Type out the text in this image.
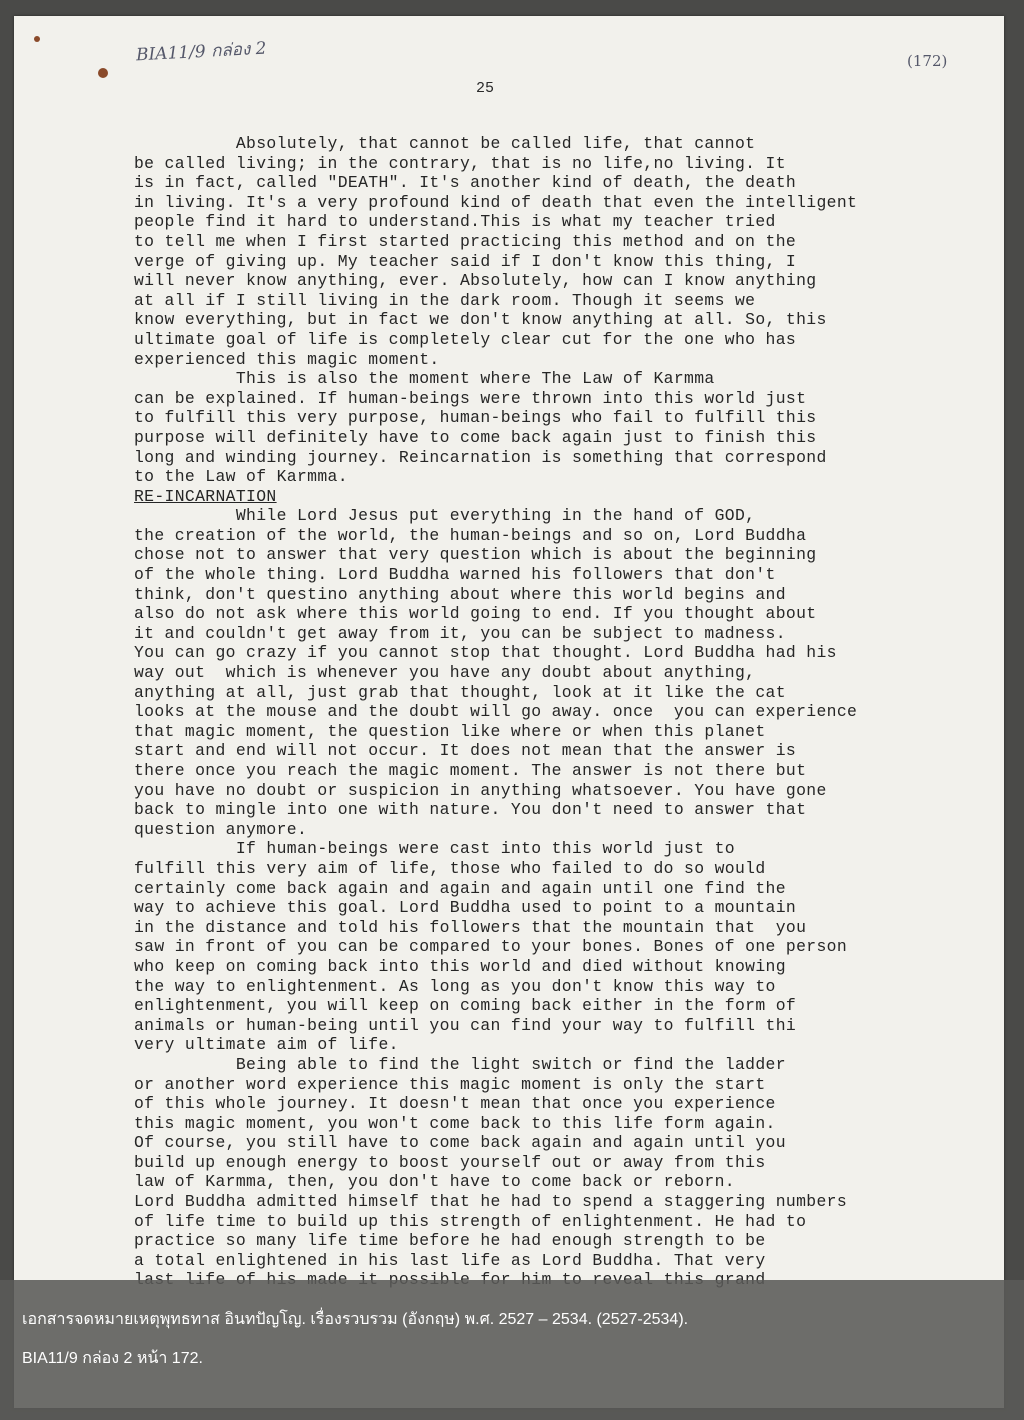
BIA11/9 กล่อง 2	(172)
25
Absolutely, that cannot be called life, that cannot
be called living; in the contrary, that is no life,no living. It
is in fact, called "DEATH". It's another kind of death, the death
in living. It's a very profound kind of death that even the intelligent
people find it hard to understand.This is what my teacher tried
to tell me when I first started practicing this method and on the
verge of giving up. My teacher said if I don't know this thing, I
will never know anything, ever. Absolutely, how can I know anything
at all if I still living in the dark room. Though it seems we
know everything, but in fact we don't know anything at all. So, this
ultimate goal of life is completely clear cut for the one who has
experienced this magic moment.
This is also the moment where The Law of Karmma
can be explained. If human-beings were thrown into this world just
to fulfill this very purpose, human-beings who fail to fulfill this
purpose will definitely have to come back again just to finish this
long and winding journey. Reincarnation is something that correspond
to the Law of Karmma.
RE-INCARNATION
While Lord Jesus put everything in the hand of GOD,
the creation of the world, the human-beings and so on, Lord Buddha
chose not to answer that very question which is about the beginning
of the whole thing. Lord Buddha warned his followers that don't
think, don't questino anything about where this world begins and
also do not ask where this world going to end. If you thought about
it and couldn't get away from it, you can be subject to madness.
You can go crazy if you cannot stop that thought. Lord Buddha had his
way out  which is whenever you have any doubt about anything,
anything at all, just grab that thought, look at it like the cat
looks at the mouse and the doubt will go away. once  you can experience
that magic moment, the question like where or when this planet
start and end will not occur. It does not mean that the answer is
there once you reach the magic moment. The answer is not there but
you have no doubt or suspicion in anything whatsoever. You have gone
back to mingle into one with nature. You don't need to answer that
question anymore.
If human-beings were cast into this world just to
fulfill this very aim of life, those who failed to do so would
certainly come back again and again and again until one find the
way to achieve this goal. Lord Buddha used to point to a mountain
in the distance and told his followers that the mountain that  you
saw in front of you can be compared to your bones. Bones of one person
who keep on coming back into this world and died without knowing
the way to enlightenment. As long as you don't know this way to
enlightenment, you will keep on coming back either in the form of
animals or human-being until you can find your way to fulfill thi
very ultimate aim of life.
Being able to find the light switch or find the ladder
or another word experience this magic moment is only the start
of this whole journey. It doesn't mean that once you experience
this magic moment, you won't come back to this life form again.
Of course, you still have to come back again and again until you
build up enough energy to boost yourself out or away from this
law of Karmma, then, you don't have to come back or reborn.
Lord Buddha admitted himself that he had to spend a staggering numbers
of life time to build up this strength of enlightenment. He had to
practice so many life time before he had enough strength to be
a total enlightened in his last life as Lord Buddha. That very
เอกสารจดหมายเหตุพุทธทาส อินทปัญโญ. เรื่องรวบรวม (อังกฤษ) พ.ศ. 2527 – 2534. (2527-2534).
BIA11/9 กล่อง 2 หน้า 172.
